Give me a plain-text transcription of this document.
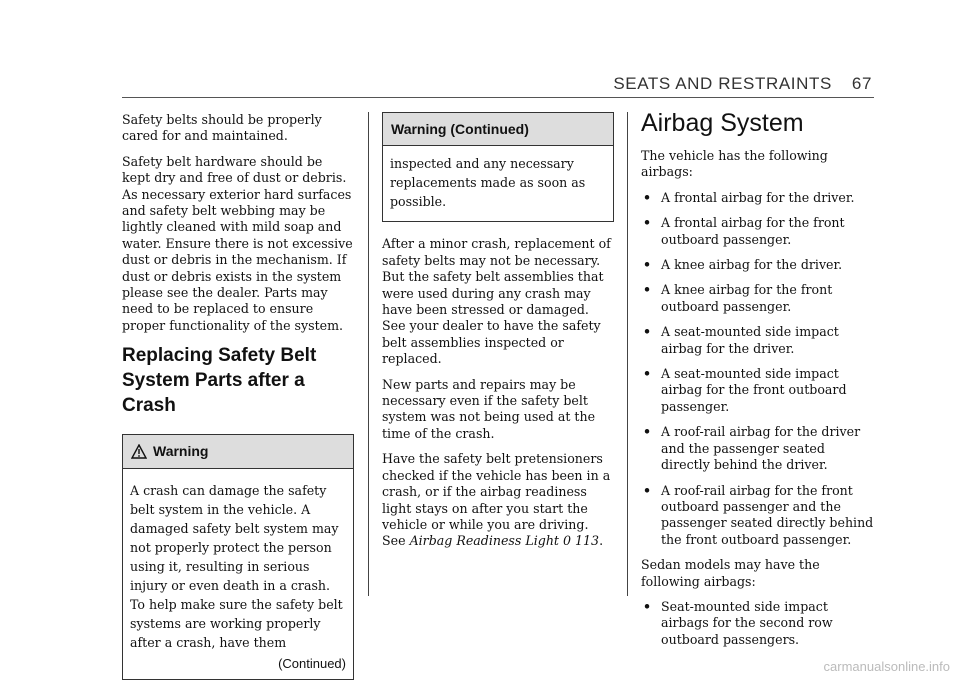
SEATS AND RESTRAINTS 67

Safety belts should be properly cared for and maintained.

Safety belt hardware should be kept dry and free of dust or debris. As necessary exterior hard surfaces and safety belt webbing may be lightly cleaned with mild soap and water. Ensure there is not excessive dust or debris in the mechanism. If dust or debris exists in the system please see the dealer. Parts may need to be replaced to ensure proper functionality of the system.

Replacing Safety Belt System Parts after a Crash
Warning
A crash can damage the safety belt system in the vehicle. A damaged safety belt system may not properly protect the person using it, resulting in serious injury or even death in a crash. To help make sure the safety belt systems are working properly after a crash, have them
(Continued)
Warning (Continued)
inspected and any necessary replacements made as soon as possible.

After a minor crash, replacement of safety belts may not be necessary. But the safety belt assemblies that were used during any crash may have been stressed or damaged. See your dealer to have the safety belt assemblies inspected or replaced.

New parts and repairs may be necessary even if the safety belt system was not being used at the time of the crash.

Have the safety belt pretensioners checked if the vehicle has been in a crash, or if the airbag readiness light stays on after you start the vehicle or while you are driving. See Airbag Readiness Light 0 113.

Airbag System

The vehicle has the following airbags:

• A frontal airbag for the driver.
• A frontal airbag for the front outboard passenger.
• A knee airbag for the driver.
• A knee airbag for the front outboard passenger.
• A seat-mounted side impact airbag for the driver.
• A seat-mounted side impact airbag for the front outboard passenger.
• A roof-rail airbag for the driver and the passenger seated directly behind the driver.
• A roof-rail airbag for the front outboard passenger and the passenger seated directly behind the front outboard passenger.

Sedan models may have the following airbags:

• Seat-mounted side impact airbags for the second row outboard passengers.
carmanualsonline.info
